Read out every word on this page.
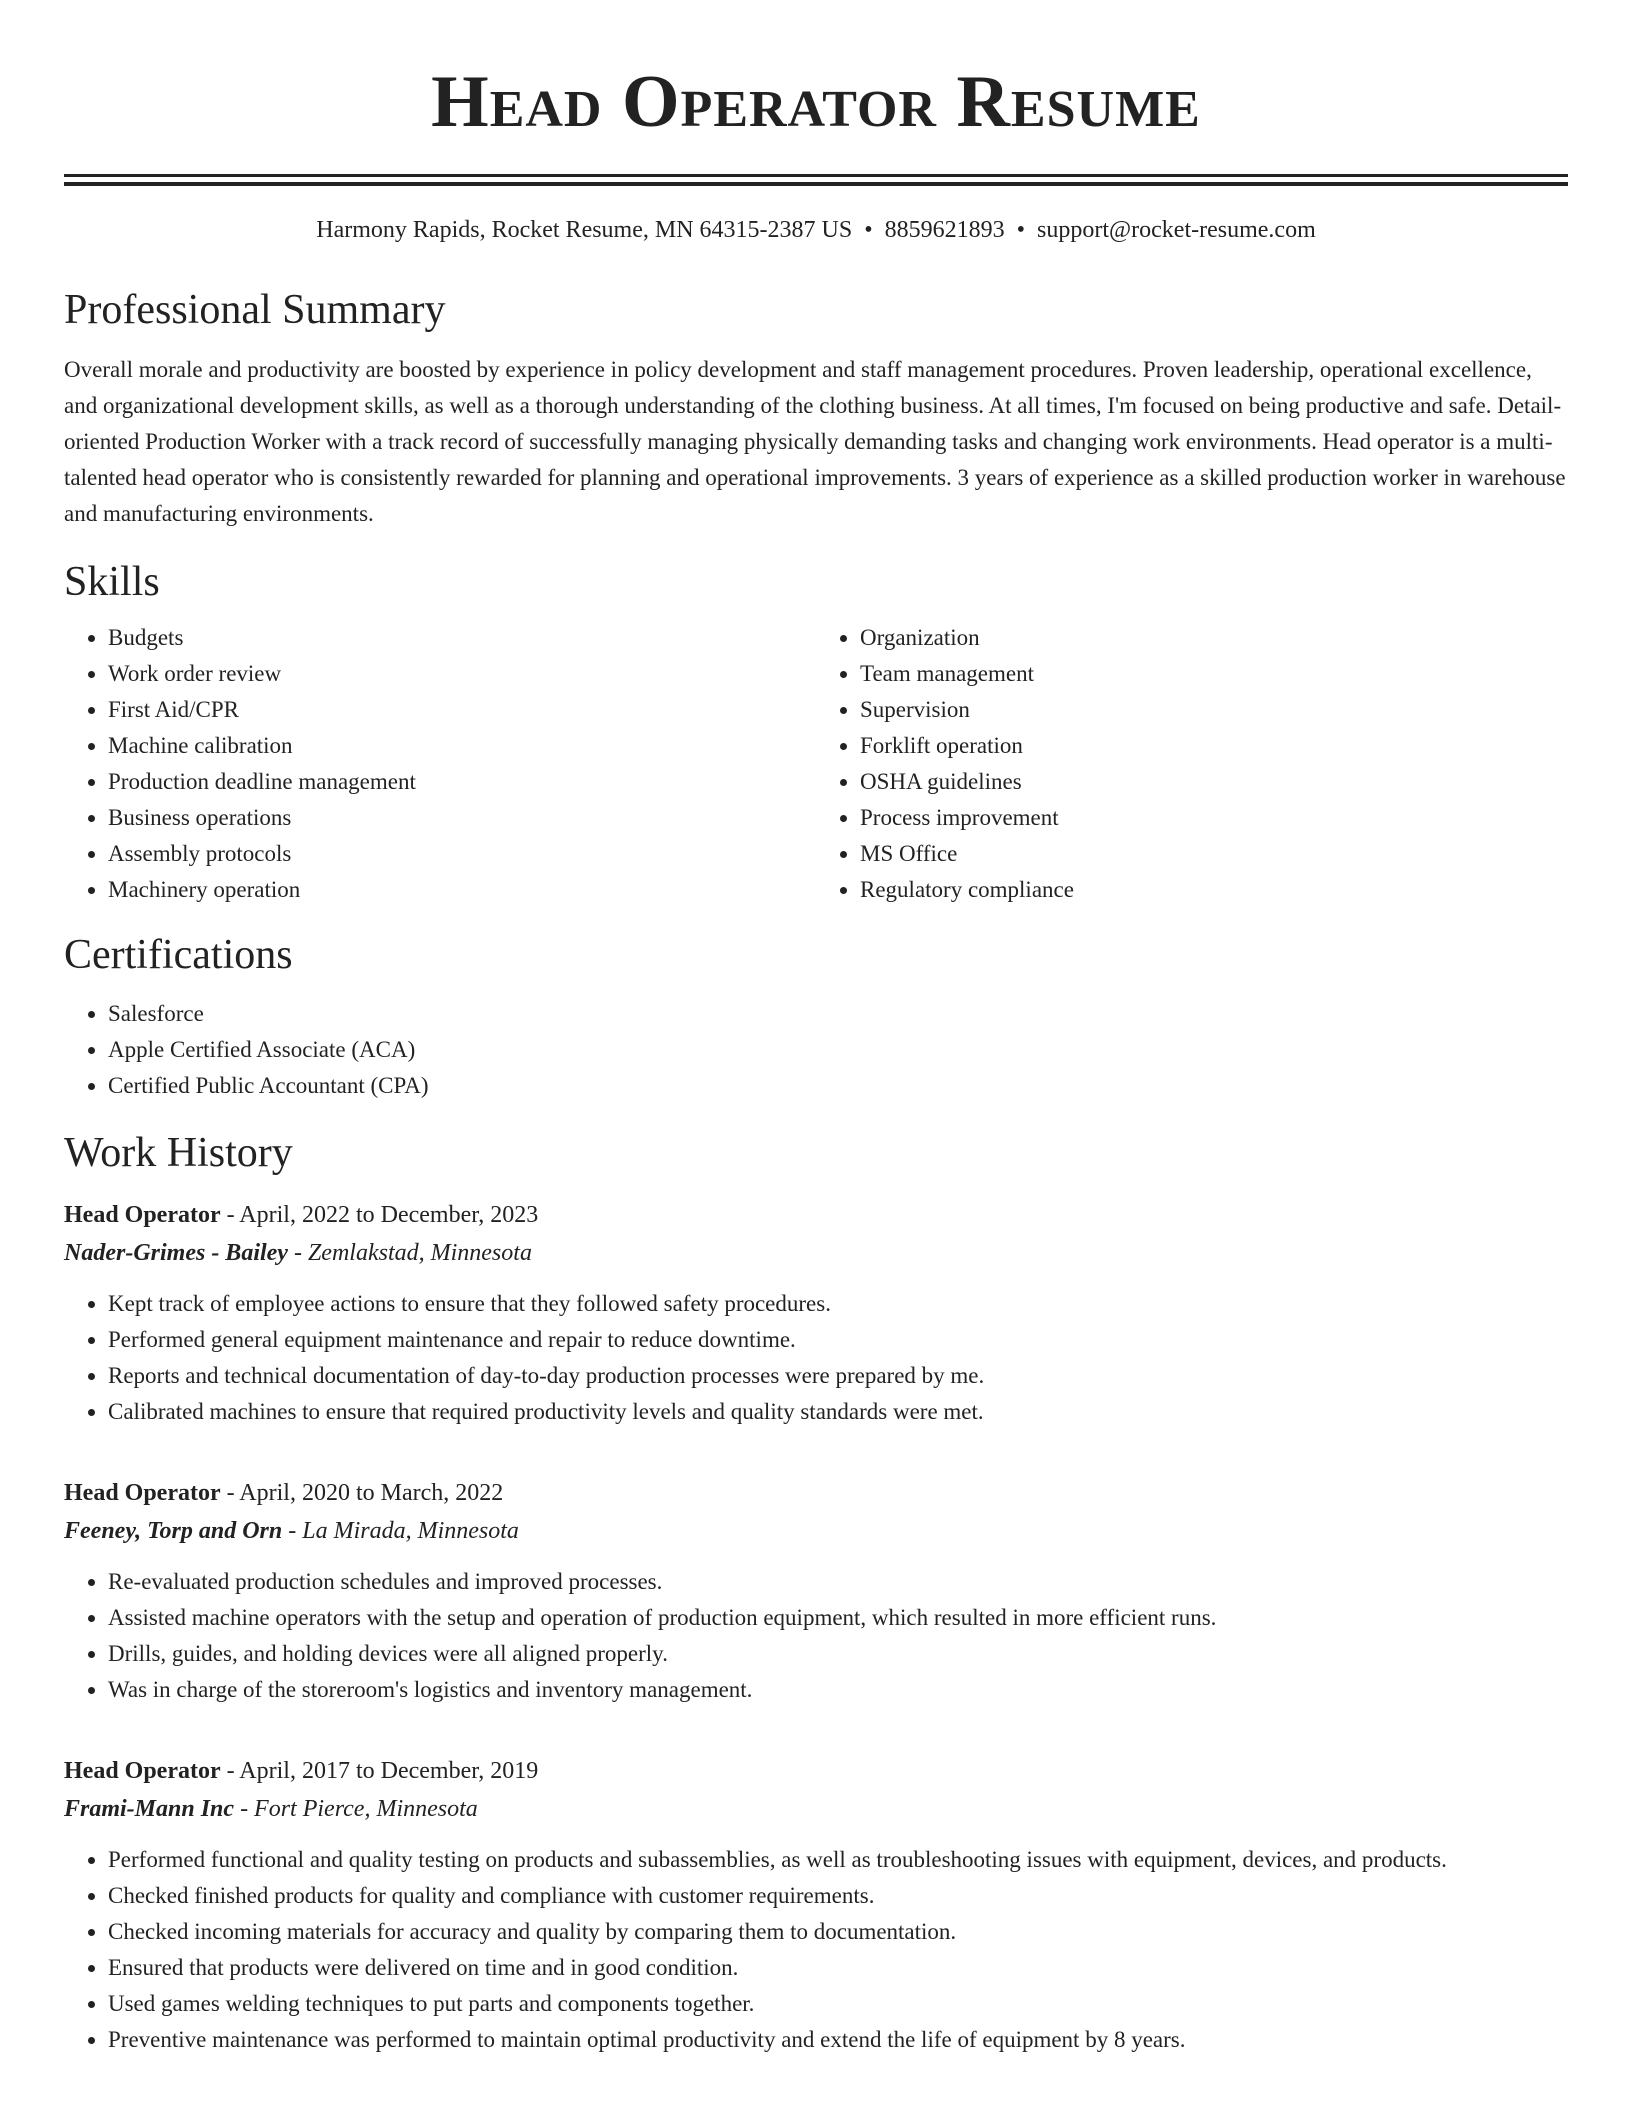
Head Operator Resume
Harmony Rapids, Rocket Resume, MN 64315-2387 US • 8859621893 • support@rocket-resume.com
Professional Summary

Overall morale and productivity are boosted by experience in policy development and staff management procedures. Proven leadership, operational excellence, and organizational development skills, as well as a thorough understanding of the clothing business. At all times, I'm focused on being productive and safe. Detail-oriented Production Worker with a track record of successfully managing physically demanding tasks and changing work environments. Head operator is a multi-talented head operator who is consistently rewarded for planning and operational improvements. 3 years of experience as a skilled production worker in warehouse and manufacturing environments.

Skills
• Budgets
• Work order review
• First Aid/CPR
• Machine calibration
• Production deadline management
• Business operations
• Assembly protocols
• Machinery operation
• Organization
• Team management
• Supervision
• Forklift operation
• OSHA guidelines
• Process improvement
• MS Office
• Regulatory compliance
Certifications
• Salesforce
• Apple Certified Associate (ACA)
• Certified Public Accountant (CPA)
Work History
Head Operator - April, 2022 to December, 2023
Nader-Grimes - Bailey - Zemlakstad, Minnesota
• Kept track of employee actions to ensure that they followed safety procedures.
• Performed general equipment maintenance and repair to reduce downtime.
• Reports and technical documentation of day-to-day production processes were prepared by me.
• Calibrated machines to ensure that required productivity levels and quality standards were met.
Head Operator - April, 2020 to March, 2022
Feeney, Torp and Orn - La Mirada, Minnesota
• Re-evaluated production schedules and improved processes.
• Assisted machine operators with the setup and operation of production equipment, which resulted in more efficient runs.
• Drills, guides, and holding devices were all aligned properly.
• Was in charge of the storeroom's logistics and inventory management.
Head Operator - April, 2017 to December, 2019
Frami-Mann Inc - Fort Pierce, Minnesota
• Performed functional and quality testing on products and subassemblies, as well as troubleshooting issues with equipment, devices, and products.
• Checked finished products for quality and compliance with customer requirements.
• Checked incoming materials for accuracy and quality by comparing them to documentation.
• Ensured that products were delivered on time and in good condition.
• Used games welding techniques to put parts and components together.
• Preventive maintenance was performed to maintain optimal productivity and extend the life of equipment by 8 years.
